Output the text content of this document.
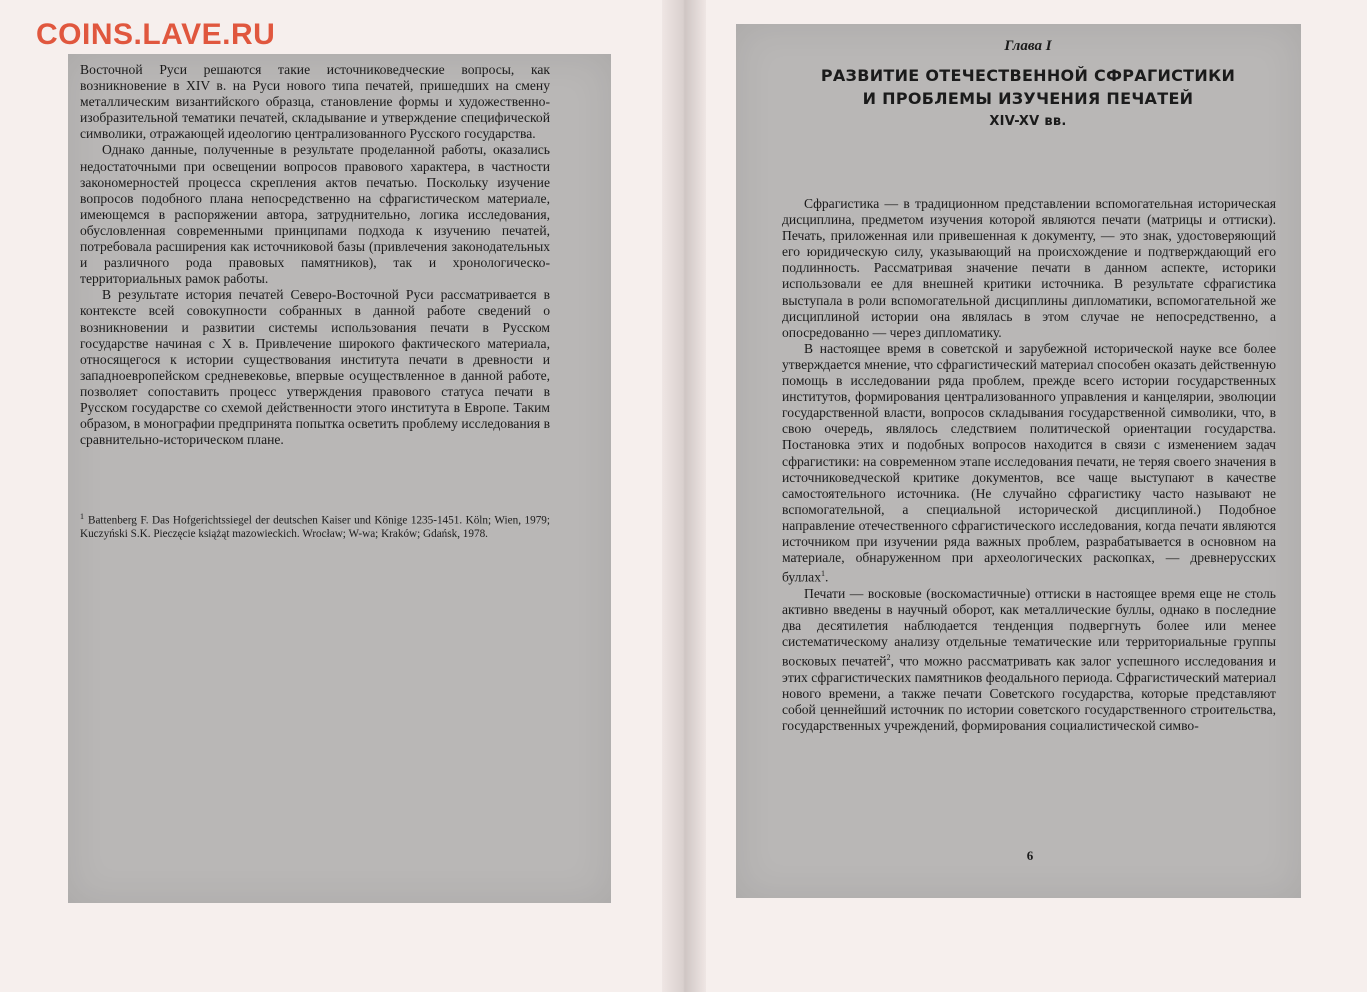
COINS.LAVE.RU

Восточной Руси решаются такие источниковедческие вопросы, как возникновение в XIV в. на Руси нового типа печатей, пришедших на смену металлическим византийского образца, становление формы и художественно-изобразительной тематики печатей, складывание и утверждение специфической символики, отражающей идеологию централизованного Русского государства.

Однако данные, полученные в результате проделанной работы, оказались недостаточными при освещении вопросов правового характера, в частности закономерностей процесса скрепления актов печатью. Поскольку изучение вопросов подобного плана непосредственно на сфрагистическом материале, имеющемся в распоряжении автора, затруднительно, логика исследования, обусловленная современными принципами подхода к изучению печатей, потребовала расширения как источниковой базы (привлечения законодательных и различного рода правовых памятников), так и хронологическо-территориальных рамок работы.

В результате история печатей Северо-Восточной Руси рассматривается в контексте всей совокупности собранных в данной работе сведений о возникновении и развитии системы использования печати в Русском государстве начиная с X в. Привлечение широкого фактического материала, относящегося к истории существования института печати в древности и западноевропейском средневековье, впервые осуществленное в данной работе, позволяет сопоставить процесс утверждения правового статуса печати в Русском государстве со схемой действенности этого института в Европе. Таким образом, в монографии предпринята попытка осветить проблему исследования в сравнительно-историческом плане.

$^1$ Battenberg F. Das Hofgerichtssiegel der deutschen Kaiser und Könige 1235-1451. Köln; Wien, 1979; Kuczyński S.K. Pieczęcie książąt mazowieckich. Wrocław; W-wa; Kraków; Gdańsk, 1978.
Глава I
РАЗВИТИЕ ОТЕЧЕСТВЕННОЙ СФРАГИСТИКИ
И ПРОБЛЕМЫ ИЗУЧЕНИЯ ПЕЧАТЕЙ
XIV-XV вв.

Сфрагистика — в традиционном представлении вспомогательная историческая дисциплина, предметом изучения которой являются печати (матрицы и оттиски). Печать, приложенная или привешенная к документу, — это знак, удостоверяющий его юридическую силу, указывающий на происхождение и подтверждающий его подлинность. Рассматривая значение печати в данном аспекте, историки использовали ее для внешней критики источника. В результате сфрагистика выступала в роли вспомогательной дисциплины дипломатики, вспомогательной же дисциплиной истории она являлась в этом случае не непосредственно, а опосредованно — через дипломатику.

В настоящее время в советской и зарубежной исторической науке все более утверждается мнение, что сфрагистический материал способен оказать действенную помощь в исследовании ряда проблем, прежде всего истории государственных институтов, формирования централизованного управления и канцелярии, эволюции государственной власти, вопросов складывания государственной символики, что, в свою очередь, являлось следствием политической ориентации государства. Постановка этих и подобных вопросов находится в связи с изменением задач сфрагистики: на современном этапе исследования печати, не теряя своего значения в источниковедческой критике документов, все чаще выступают в качестве самостоятельного источника. (Не случайно сфрагистику часто называют не вспомогательной, а специальной исторической дисциплиной.) Подобное направление отечественного сфрагистического исследования, когда печати являются источником при изучении ряда важных проблем, разрабатывается в основном на материале, обнаруженном при археологических раскопках, — древнерусских буллах$^1$.

Печати — восковые (воскомастичные) оттиски в настоящее время еще не столь активно введены в научный оборот, как металлические буллы, однако в последние два десятилетия наблюдается тенденция подвергнуть более или менее систематическому анализу отдельные тематические или территориальные группы восковых печатей$^2$, что можно рассматривать как залог успешного исследования и этих сфрагистических памятников феодального периода. Сфрагистический материал нового времени, а также печати Советского государства, которые представляют собой ценнейший источник по истории советского государственного строительства, государственных учреждений, формирования социалистической симво-

6
